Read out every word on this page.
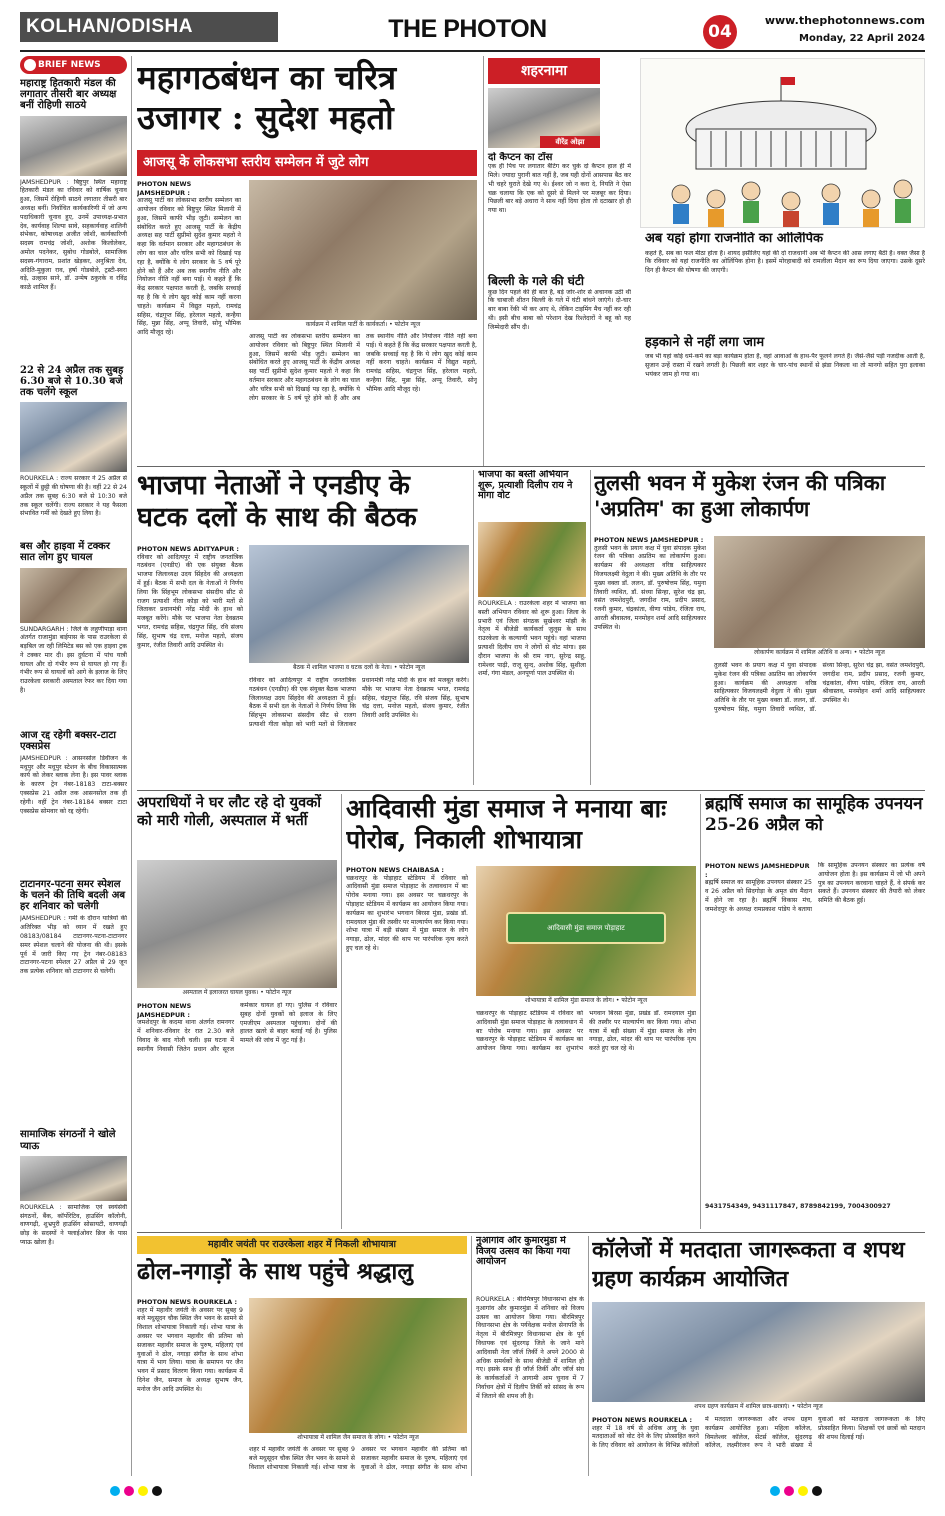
KOLHAN/ODISHA	THE PHOTON	04
www.thephotonnews.com
Monday, 22 April 2024
BRIEF NEWS
महाराष्ट्र हितकारी मंडल की लगातार तीसरी बार अध्यक्ष बनीं रोहिणी साठये
JAMSHEDPUR : बिष्टुपुर स्थित महाराष्ट्र हितकारी मंडल का रविवार को वार्षिक चुनाव हुआ, जिसमें रोहिणी साठये लगातार तीसरी बार अध्यक्ष बनीं। निर्वाचित कार्यकारिणी में जो अन्य पदाधिकारी चुनाव हुए, उनमें उपाध्यक्ष-प्रभात देव, कार्यवाह शिल्पा सावे, सहकार्यवाह शालिनी संभेकर, कोषाध्यक्ष अजीत जोशी, कार्यकारिणी सदस्य रामचंद्र जोशी, अशोक किलोलेकर, अमोल पदनेकर, सुबोध गोडबोले, सामाजिक सदस्य-गंगाराम, प्रशांत खेड़कर, अनुश्रिता देव, अदिति-मुकुला राव, हर्षा गोडबोले, ट्रस्टी-स्वरा वड़े, उल्हास साने, डॉ. उन्मेष ठकुरके व रविंद्र काळे शामिल हैं।
22 से 24 अप्रैल तक सुबह 6.30 बजे से 10.30 बजे तक चलेंगे स्कूल
ROURKELA : राज्य सरकार ने 25 अप्रैल से स्कूलों में छुट्टी की घोषणा की है। वहीं 22 से 24 अप्रैल तक सुबह 6:30 बजे से 10:30 बजे तक स्कूल चलेंगी। राज्य सरकार ने यह फैसला संभावित गर्मी को देखते हुए लिया है।
बस और हाइवा में टक्कर सात लोग हुए घायल
SUNDARGARH : जिले के लहुणीपाड़ा थाना अंतर्गत राजामुंडा बाईपास के पास राउरकेला से बड़बिल जा रही लिमिटेड बस को एक हाइवा ट्रक ने टक्कर मार दी। इस दुर्घटना में पांच यात्री घायल और दो गंभीर रूप से घायल हो गए हैं। गंभीर रूप से घायलों को आगे के इलाज के लिए राउरकेला सरकारी अस्पताल रेफर कर दिया गया है।
आज रद्द रहेगी बक्सर-टाटा एक्सप्रेस
JAMSHEDPUR : आसनसोल डिवीजन के मधुपुर और मधुपुर स्टेशन के बीच विकासात्मक कार्य को लेकर ब्लाक लेना है। इस पावर ब्लाक के कारण ट्रेन नंबर-18183 टाटा-बक्सर एक्सप्रेस 21 अप्रैल तक आसनसोल तक ही रहेगी। वहीं ट्रेन नंबर-18184 बक्सर टाटा एक्सप्रेस सोमवार को रद्द रहेगी।
टाटानगर-पटना समर स्पेशल के चलने की तिथि बदली अब हर शनिवार को चलेगी
JAMSHEDPUR : गर्मी के दौरान यात्रियों की अतिरिक्त भीड़ को ध्यान में रखते हुए 08183/08184 टाटानगर-पटना-टाटानगर समर स्पेशल चलाने की योजना की थी। इसके पूर्व में जारी किए गए ट्रेन नंबर-08183 टाटानगर-पटना स्पेशल 27 अप्रैल से 29 जून तक प्रत्येक शनिवार को टाटानगर से चलेगी।
सामाजिक संगठनों ने खोले प्याऊ
ROURKELA : सामाजिक एवं स्वयंसेवी संगठनों, बैंक, कॉर्पोरेटिव, हाउसिंग कॉलोनी, वाणगढ़ी, शुभ्रपुरी हाउसिंग सोसायटी, वाणगढ़ी छोड़ के सदस्यों ने फ्लाईओवर ब्रिज के पास प्याऊ खोला है।
महागठबंधन का चरित्र उजागर : सुदेश महतो
आजसू के लोकसभा स्तरीय सम्मेलन में जुटे लोग
कार्यक्रम में शामिल पार्टी के कार्यकर्ता। • फोटोन न्यूज
PHOTON NEWS JAMSHEDPUR :
आजसू पार्टी का लोकसभा स्तरीय सम्मेलन का आयोजन रविवार को बिष्टुपुर स्थित मिलानी में हुआ, जिसमें काफी भीड़ जुटी। सम्मेलन का संबोधित करते हुए आजसू पार्टी के केंद्रीय अध्यक्ष सह पार्टी सुप्रीमो सुदेश कुमार महतो ने कहा कि वर्तमान सरकार और महागठबंधन के लोग का चाल और चरित्र सभी को दिखाई पड़ रहा है, क्योंकि ये लोग सरकार के 5 वर्ष पूरे होने को हैं और अब तक स्थानीय नीति और नियोजन नीति नहीं बना पाई। ये कहते हैं कि केंद्र सरकार पक्षपात करती है, जबकि सच्चाई यह है कि ये लोग खुद कोई काम नहीं करना चाहते। कार्यक्रम में विद्युत महतो, रामचंद्र सहिस, चंद्रगुप्त सिंह, हरेलाल महतो, कन्हैया सिंह, मुन्ना सिंह, अप्पू तिवारी, सोनू भौमिक आदि मौजूद रहे।
आजसू पार्टी का लोकसभा स्तरीय सम्मेलन का आयोजन रविवार को बिष्टुपुर स्थित मिलानी में हुआ, जिसमें काफी भीड़ जुटी। सम्मेलन का संबोधित करते हुए आजसू पार्टी के केंद्रीय अध्यक्ष सह पार्टी सुप्रीमो सुदेश कुमार महतो ने कहा कि वर्तमान सरकार और महागठबंधन के लोग का चाल और चरित्र सभी को दिखाई पड़ रहा है, क्योंकि ये लोग सरकार के 5 वर्ष पूरे होने को हैं और अब तक स्थानीय नीति और नियोजन नीति नहीं बना पाई। ये कहते हैं कि केंद्र सरकार पक्षपात करती है, जबकि सच्चाई यह है कि ये लोग खुद कोई काम नहीं करना चाहते। कार्यक्रम में विद्युत महतो, रामचंद्र सहिस, चंद्रगुप्त सिंह, हरेलाल महतो, कन्हैया सिंह, मुन्ना सिंह, अप्पू तिवारी, सोनू भौमिक आदि मौजूद रहे।
शहरनामा
वीरेंद्र ओझा
दो कैप्टन का टॉस
एक ही पिच पर लगातार बैटिंग कर चुके दो कैप्टन हाल ही में मिले। ज्यादा पुरानी बात नहीं है, जब यही दोनों आसपास बैठ कर भी चहरे घुराते देखे गए थे। ईश्वर जो न करा दे, नियति ने ऐसा चक्र चलाया कि एक को दूसरे से मिलने पर मजबूर कर दिया। पिछली बार बड़े अधारा ने साथ नहीं दिया होता तो दटाखार हो ही गया था।
बिल्ली के गले की घंटी
कुछ दिन पहले की ही बात है, बड़े जोर-शोर से अचानक उठी थी कि चाबाजी शीतन बिल्ली के गले में घंटी बांधने जाएंगे। दो-चार बार बाबा रेंकी भी कर आए थे, लेकिन टाइमिंग मैच नहीं कर रही थी। इसी बीच बाबा को परेशान देख रिश्तेदारों ने बहू को यह जिम्मेदारी सौंप दी।
अब यहां होगा राजनीति का ओलिंपिक
कहते हैं, सब का फल मीठा होता है। शायद इसीलिए यहां की दो राजधानी अब भी कैप्टन की आस लगाए बैठी है। वक्त जैसा है कि रविवार को यहां राजनीति का ओलिंपिक होना है। इसमें मोरहाबादी को रामलीला मैदान का रूप दिया जाएगा। उसके दूसरे दिन ही कैप्टन की घोषणा की जाएगी।
हड़काने से नहीं लगा जाम
जब भी यहां कोई धर्म-कर्म का बड़ा कार्यक्रम होता है, वहां आवाओं के हाथ-पैर फूलने लगते हैं। जैसे-जैसे पड़ी नजदीक आती है, सुजान उन्हें रास्ता में रखने लगती है। पिछली बार शहर के चार-पांच स्थानों से झंडा निकला था तो मानगो सहित पुरा इलाका भयंकर जाम हो गया था।
भाजपा नेताओं ने एनडीए के घटक दलों के साथ की बैठक
बैठक में शामिल भाजपा व घटक दलों के नेता। • फोटोन न्यूज
PHOTON NEWS ADITYAPUR :
रविवार को आदित्यपुर में राष्ट्रीय जनतांत्रिक गठबंधन (एनडीए) की एक संयुक्त बैठक भाजपा जिलाध्यक्ष उदय सिंहदेव की अध्यक्षता में हुई। बैठक में सभी दल के नेताओं ने निर्णय लिया कि सिंहभूम लोकसभा संसदीय सीट से राजग प्रत्याशी गीता कोड़ा को भारी मतों से जिताकर प्रधानमंत्री नरेंद्र मोदी के हाथ को मजबूत करेंगे। मौके पर भाजपा नेता देवब्रतम भगत, रामचंद्र सहिस, चंद्रगुप्त सिंह, रवि संजय सिंह, सुभाष चंद्र दत्ता, मनोज महतो, संजय कुमार, रंजीत तिवारी आदि उपस्थित थे।
रविवार को आदित्यपुर में राष्ट्रीय जनतांत्रिक गठबंधन (एनडीए) की एक संयुक्त बैठक भाजपा जिलाध्यक्ष उदय सिंहदेव की अध्यक्षता में हुई। बैठक में सभी दल के नेताओं ने निर्णय लिया कि सिंहभूम लोकसभा संसदीय सीट से राजग प्रत्याशी गीता कोड़ा को भारी मतों से जिताकर प्रधानमंत्री नरेंद्र मोदी के हाथ को मजबूत करेंगे। मौके पर भाजपा नेता देवब्रतम भगत, रामचंद्र सहिस, चंद्रगुप्त सिंह, रवि संजय सिंह, सुभाष चंद्र दत्ता, मनोज महतो, संजय कुमार, रंजीत तिवारी आदि उपस्थित थे।
भाजपा का बस्ती अभियान शुरू, प्रत्याशी दिलीप राय ने मांगा वोट
ROURKELA : राउरकेला शहर में भाजपा का बस्ती अभियान रविवार को शुरू हुआ। जिला के प्रभारी एवं जिला संगठक सुखेश्वर मांझी के नेतृत्व में बीजेडी कार्यकर्ता जुलूस के साथ राउरकेला के कल्याणी भवन पहुंचे। वहां भाजपा प्रत्याशी दिलीप राय ने लोगों से वोट मांगा। इस दौरान भाजपा के श्री राम नाग, सुरेन्द्र साहू, रामेश्वर पाढ़ी, राजू सुन्द, अशोक सिंह, सुशीला शर्मा, गंगा मंडल, अनपूर्णा पाल उपस्थित थे।
तुलसी भवन में मुकेश रंजन की पत्रिका 'अप्रतिम' का हुआ लोकार्पण
लोकार्पण कार्यक्रम में शामिल अतिथि व अन्य। • फोटोन न्यूज
PHOTON NEWS JAMSHEDPUR :
तुलसी भवन के प्रयाग कक्ष में युवा संपादक मुकेश रंजन की पत्रिका अप्रतिम का लोकार्पण हुआ। कार्यक्रम की अध्यक्षता वरिष्ठ साहित्यकार विजयलक्ष्मी वेदुला ने की। मुख्य अतिथि के तौर पर मुख्य वक्ता डॉ. ललन, डॉ. पुरुषोत्तम सिंह, यमुना तिवारी व्यथित, डॉ. संध्या सिन्हा, सुरेश चंद्र झा, वसंत जमशेदपुरी, जगदीश राम, प्रदीप प्रसाद, रजनी कुमार, चंद्रकांता, वीणा पांडेय, रंजिता राय, आरती श्रीवास्तव, मनमोहन शर्मा आदि साहित्यकार उपस्थित थे।
तुलसी भवन के प्रयाग कक्ष में युवा संपादक मुकेश रंजन की पत्रिका अप्रतिम का लोकार्पण हुआ। कार्यक्रम की अध्यक्षता वरिष्ठ साहित्यकार विजयलक्ष्मी वेदुला ने की। मुख्य अतिथि के तौर पर मुख्य वक्ता डॉ. ललन, डॉ. पुरुषोत्तम सिंह, यमुना तिवारी व्यथित, डॉ. संध्या सिन्हा, सुरेश चंद्र झा, वसंत जमशेदपुरी, जगदीश राम, प्रदीप प्रसाद, रजनी कुमार, चंद्रकांता, वीणा पांडेय, रंजिता राय, आरती श्रीवास्तव, मनमोहन शर्मा आदि साहित्यकार उपस्थित थे।
अपराधियों ने घर लौट रहे दो युवकों को मारी गोली, अस्पताल में भर्ती
अस्पताल में इलाजरत घायल युवक। • फोटोन न्यूज
PHOTON NEWS JAMSHEDPUR :
जमशेदपुर के कदमा थाना अंतर्गत रामनगर में शनिवार-रविवार देर रात 2.30 बजे विवाद के बाद गोली चली। इस घटना में स्थानीय निवासी जितेन प्रधान और सूरज कर्मकार घायल हो गए। पुलिस ने रविवार सुबह दोनों युवकों को इलाज के लिए एमजीएम अस्पताल पहुंचाया। दोनों की हालत खतरे से बाहर बताई गई है। पुलिस मामले की जांच में जुट गई है।
आदिवासी मुंडा समाज ने मनाया बाः पोरोब, निकाली शोभायात्रा
आदिवासी मुंडा समाज पोड़ाहाट
शोभायात्रा में शामिल मुंडा समाज के लोग। • फोटोन न्यूज
PHOTON NEWS CHAIBASA :
चक्रधरपुर के पोड़ाहाट स्टेडियम में रविवार को आदिवासी मुंडा समाज पोड़ाहाट के तत्वावधान में बाः पोरोब मनाया गया। इस अवसर पर चक्रधरपुर के पोड़ाहाट स्टेडियम में कार्यक्रम का आयोजन किया गया। कार्यक्रम का शुभारंभ भगवान बिरसा मुंडा, प्रखंड डॉ. रामदयाल मुंडा की तस्वीर पर माल्यार्पण कर किया गया। शोभा यात्रा में बड़ी संख्या में मुंडा समाज के लोग नगाड़ा, ढोल, मांदर की थाप पर पारंपरिक नृत्य करते हुए चल रहे थे।
चक्रधरपुर के पोड़ाहाट स्टेडियम में रविवार को आदिवासी मुंडा समाज पोड़ाहाट के तत्वावधान में बाः पोरोब मनाया गया। इस अवसर पर चक्रधरपुर के पोड़ाहाट स्टेडियम में कार्यक्रम का आयोजन किया गया। कार्यक्रम का शुभारंभ भगवान बिरसा मुंडा, प्रखंड डॉ. रामदयाल मुंडा की तस्वीर पर माल्यार्पण कर किया गया। शोभा यात्रा में बड़ी संख्या में मुंडा समाज के लोग नगाड़ा, ढोल, मांदर की थाप पर पारंपरिक नृत्य करते हुए चल रहे थे।
ब्रह्मर्षि समाज का सामूहिक उपनयन 25-26 अप्रैल को
PHOTON NEWS JAMSHEDPUR :
ब्रह्मर्षि समाज का सामूहिक उपनयन संस्कार 25 व 26 अप्रैल को सिदगोड़ा के अमृत संघ मैदान में होने जा रहा है। ब्रह्मर्षि विकास मंच, जमशेदपुर के अध्यक्ष रामप्रकाश पांडेय ने बताया कि सामूहिक उपनयन संस्कार का प्रत्येक वर्ष आयोजन होता है। इस कार्यक्रम में जो भी अपने पुत्र का उपनयन करवाना चाहते हैं, वे संपर्क कर सकते हैं। उपनयन संस्कार की तैयारी को लेकर समिति की बैठक हुई।
9431754349, 9431117847, 8789842199, 7004300927
महावीर जयंती पर राउरकेला शहर में निकली शोभायात्रा
ढोल-नगाड़ों के साथ पहुंचे श्रद्धालु
शोभायात्रा में शामिल जैन समाज के लोग। • फोटोन न्यूज
PHOTON NEWS ROURKELA :
शहर में महावीर जयंती के अवसर पर सुबह 9 बजे मधुसूदन चौक स्थित जैन भवन के सामने से विशाल शोभायात्रा निकाली गई। शोभा यात्रा के अवसर पर भगवान महावीर की प्रतिमा को सजाकर महावीर समाज के पुरुष, महिलाएं एवं युवाओं ने ढोल, नगाड़ा संगीत के साथ शोभा यात्रा में भाग लिया। यात्रा के समापन पर जैन भवन में प्रसाद वितरण किया गया। कार्यक्रम में दिनेश जैन, समाज के अध्यक्ष सुभाष जैन, मनोज जैन आदि उपस्थित थे।
शहर में महावीर जयंती के अवसर पर सुबह 9 बजे मधुसूदन चौक स्थित जैन भवन के सामने से विशाल शोभायात्रा निकाली गई। शोभा यात्रा के अवसर पर भगवान महावीर की प्रतिमा को सजाकर महावीर समाज के पुरुष, महिलाएं एवं युवाओं ने ढोल, नगाड़ा संगीत के साथ शोभा
नुआगांव और कुमारमुंडा में विजय उत्सव का किया गया आयोजन
ROURKELA : बीरमित्रपुर विधानसभा क्षेत्र के नुआगांव और कुमारमुंडा में शनिवार को विजय उत्सव का आयोजन किया गया। बीरमित्रपुर विधानसभा क्षेत्र के पर्यवेक्षक मनोज सेनापति के नेतृत्व में बीरमित्रपुर विधानसभा क्षेत्र के पूर्व विधायक एवं सुंदरगढ़ जिले के जाने माने आदिवासी नेता जॉर्ज तिर्की ने अपने 2000 से अधिक समर्थकों के साथ बीजेडी में शामिल हो गए। इसके साथ ही जॉर्ज तिर्की और जॉर्ज संघ के कार्यकर्ताओं ने आगामी आम चुनाव में 7 निर्वाचन क्षेत्रों में दिलीप तिर्की को सांसद के रूप में जिताने की शपथ ली है।
कॉलेजों में मतदाता जागरूकता व शपथ ग्रहण कार्यक्रम आयोजित
शपथ ग्रहण कार्यक्रम में शामिल छात्र-छात्राएं। • फोटोन न्यूज
PHOTON NEWS ROURKELA :
शहर में 18 वर्ष से अधिक आयु के युवा मतदाताओं को वोट देने के लिए प्रोत्साहित करने के लिए रविवार को आयोजन के विभिन्न कॉलेजों में मतदाता जागरूकता और शपथ ग्रहण कार्यक्रम आयोजित हुआ। महिला कॉलेज, विमलेश्वर कॉलेज, सेंटर्स कॉलेज, सुंदरगढ़ कॉलेज, लक्ष्मीरंजन रूप ने भारी संख्या में युवाओं को मतदाता जागरूकता के लिए प्रोत्साहित किया। शिक्षकों एवं छात्रों को मतदान की शपथ दिलाई गई।
